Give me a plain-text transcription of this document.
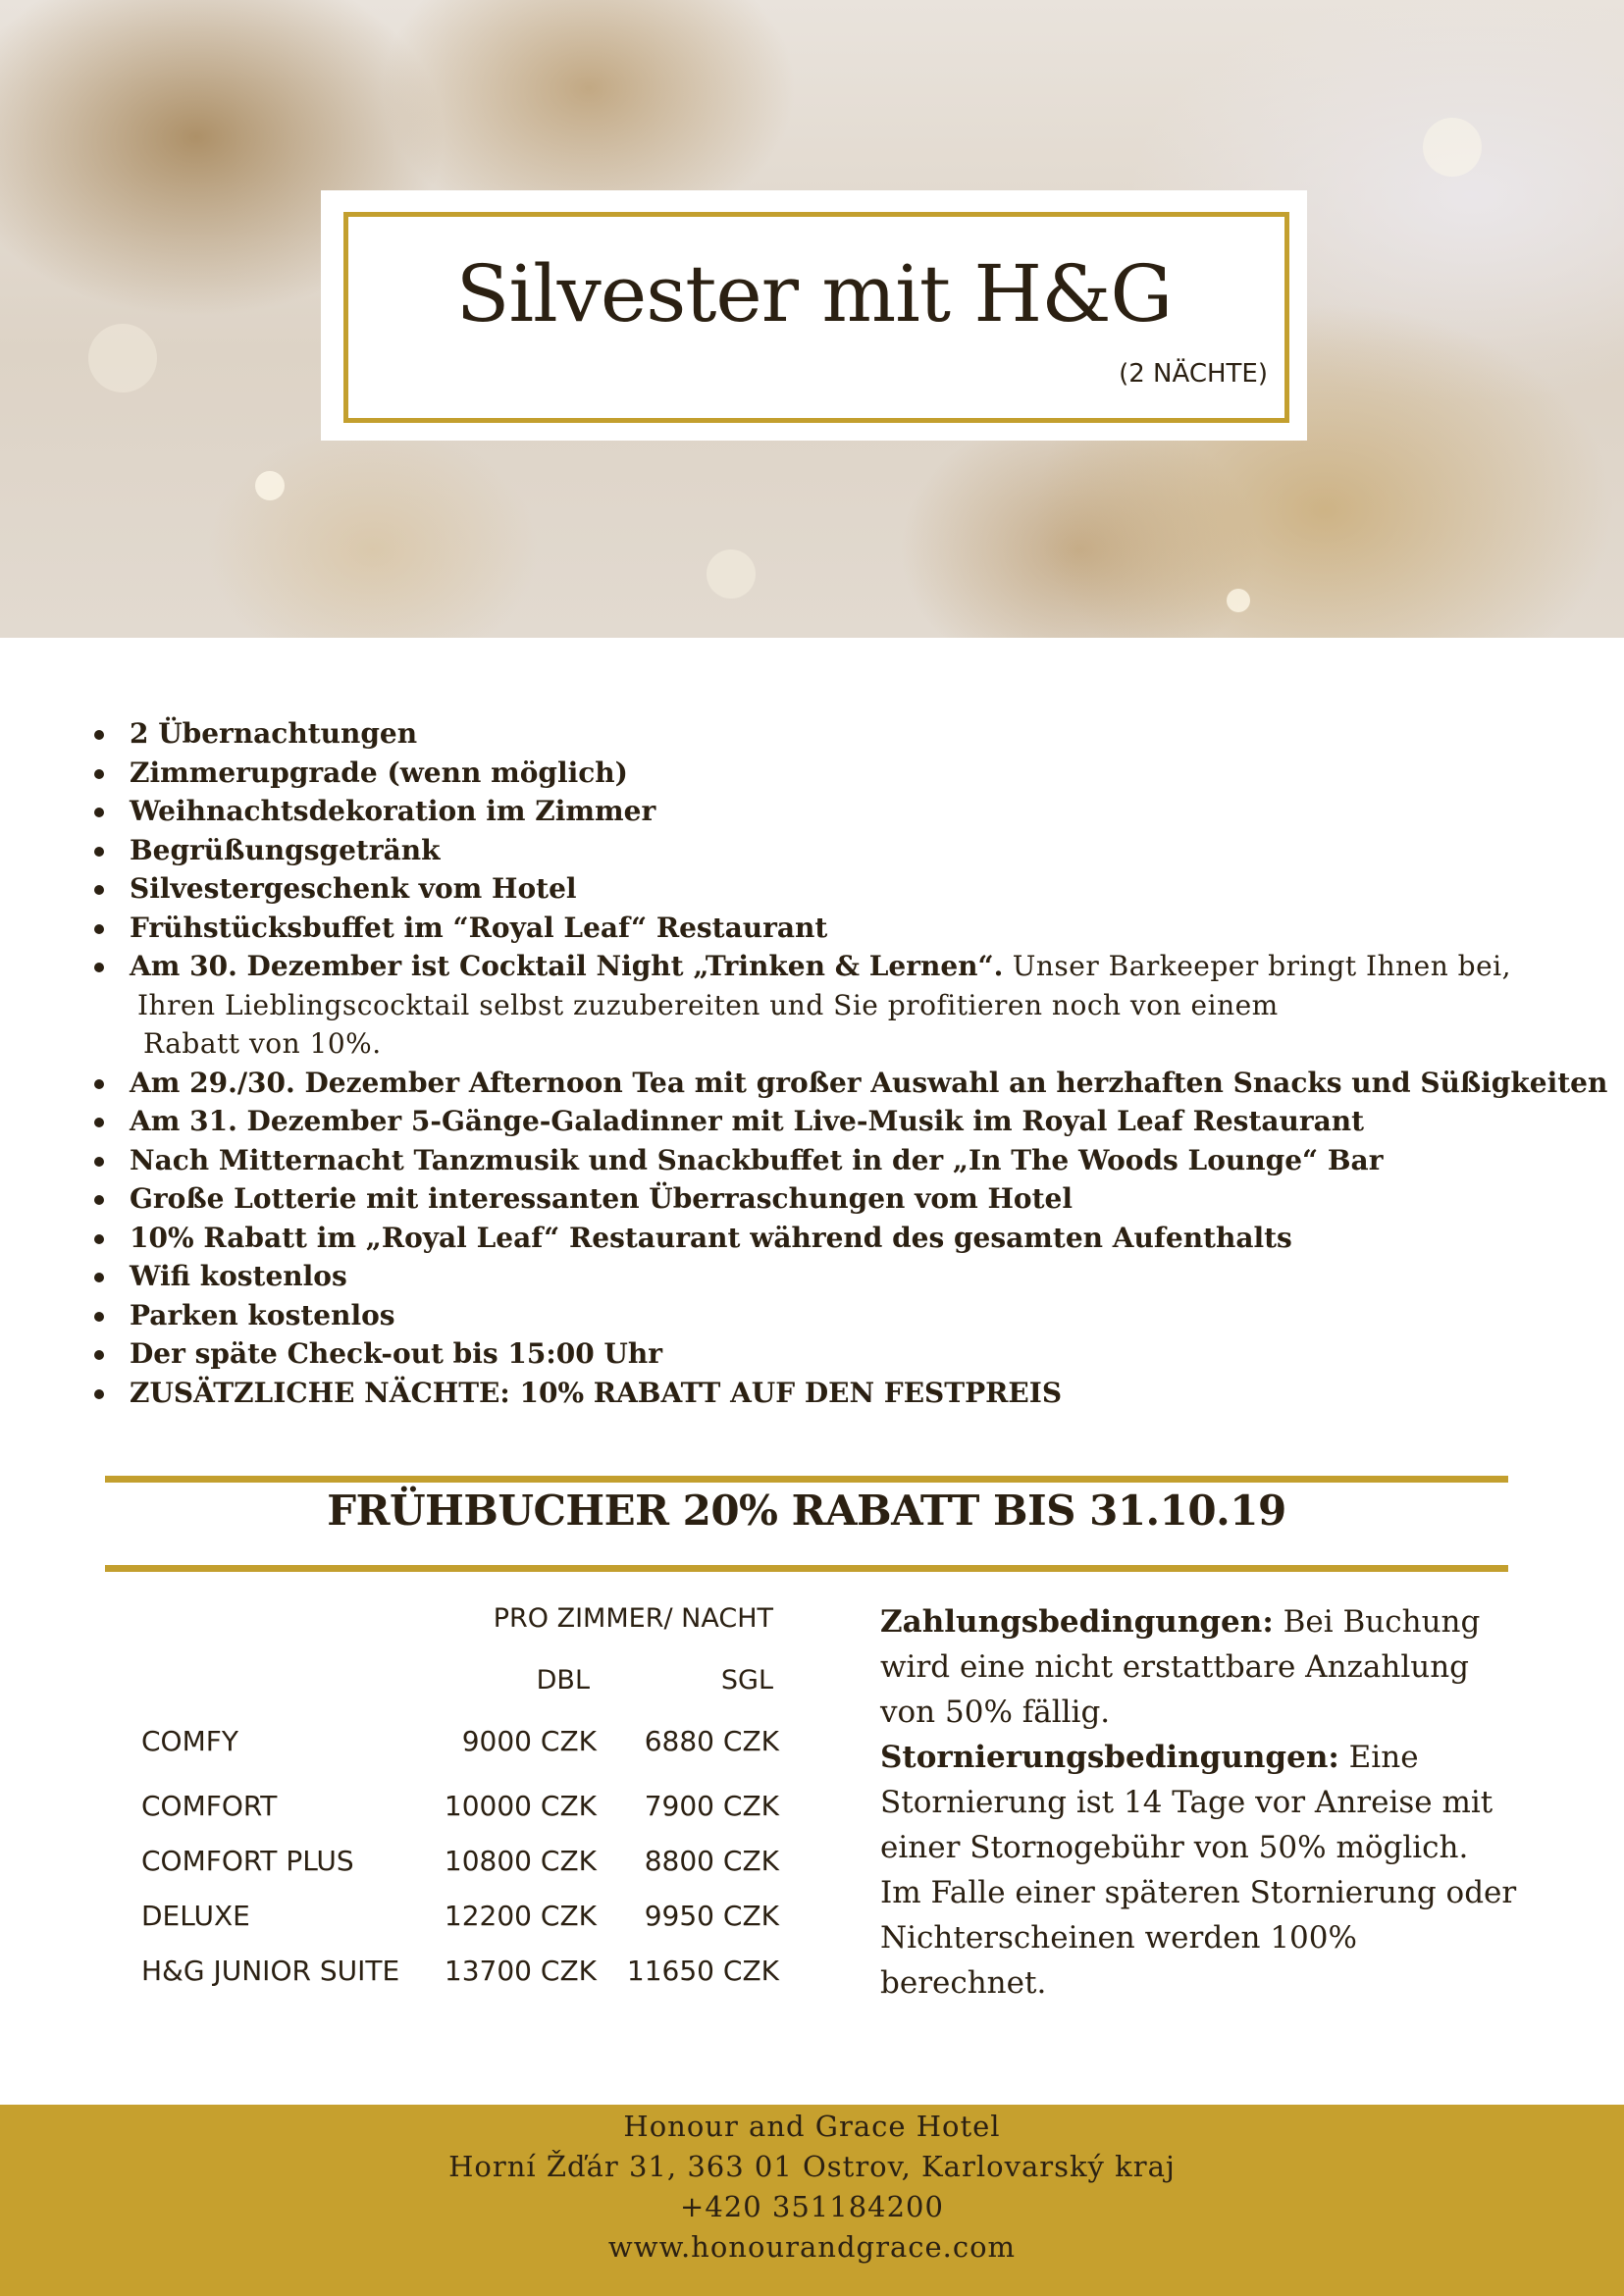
Silvester mit H&G
(2 NÄCHTE)
2 Übernachtungen
Zimmerupgrade (wenn möglich)
Weihnachtsdekoration im Zimmer
Begrüßungsgetränk
Silvestergeschenk vom Hotel
Frühstücksbuffet im “Royal Leaf“ Restaurant
Am 30. Dezember ist Cocktail Night „Trinken & Lernen“. Unser Barkeeper bringt Ihnen bei,
Ihren Lieblingscocktail selbst zuzubereiten und Sie profitieren noch von einem
Rabatt von 10%.
Am 29./30. Dezember Afternoon Tea mit großer Auswahl an herzhaften Snacks und Süßigkeiten
Am 31. Dezember 5-Gänge-Galadinner mit Live-Musik im Royal Leaf Restaurant
Nach Mitternacht Tanzmusik und Snackbuffet in der „In The Woods Lounge“ Bar
Große Lotterie mit interessanten Überraschungen vom Hotel
10% Rabatt im „Royal Leaf“ Restaurant während des gesamten Aufenthalts
Wifi kostenlos
Parken kostenlos
Der späte Check-out bis 15:00 Uhr
ZUSÄTZLICHE NÄCHTE: 10% RABATT AUF DEN FESTPREIS
FRÜHBUCHER 20% RABATT BIS 31.10.19
PRO ZIMMER/ NACHT
DBL	SGL
COMFY	9000 CZK 6880 CZK
COMFORT	10000 CZK 7900 CZK
COMFORT PLUS	10800 CZK 8800 CZK
DELUXE	12200 CZK 9950 CZK
H&G JUNIOR SUITE 13700 CZK 11650 CZK

Zahlungsbedingungen: Bei Buchung wird eine nicht erstattbare Anzahlung von 50% fällig.

Stornierungsbedingungen: Eine Stornierung ist 14 Tage vor Anreise mit einer Stornogebühr von 50% möglich. Im Falle einer späteren Stornierung oder Nichterscheinen werden 100% berechnet.

Honour and Grace Hotel
Horní Žďár 31, 363 01 Ostrov, Karlovarský kraj
+420 351184200
www.honourandgrace.com
